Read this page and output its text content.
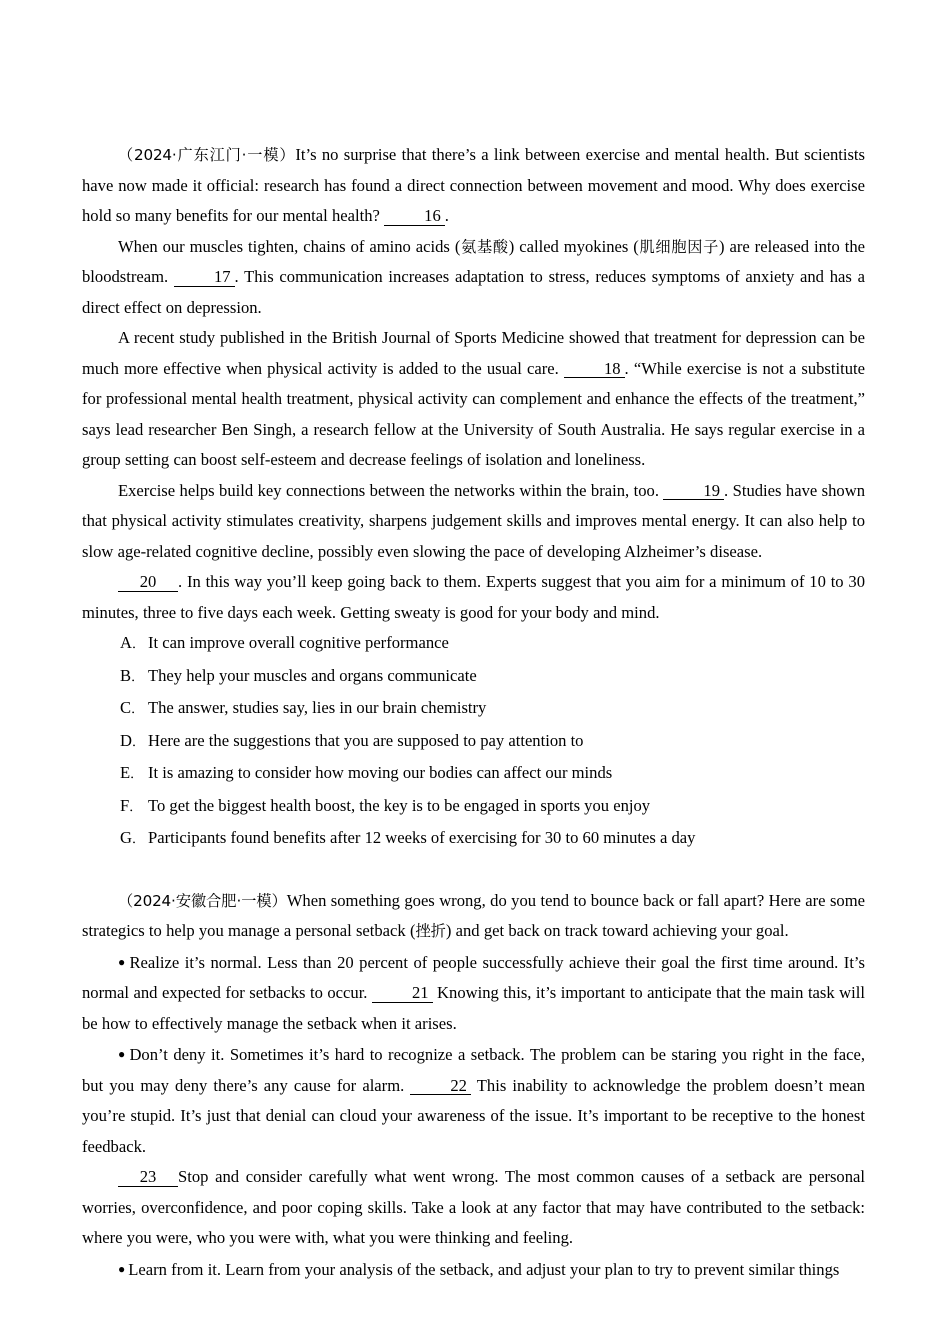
（2024·广东江门·一模）It’s no surprise that there’s a link between exercise and mental health. But scientists have now made it official: research has found a direct connection between movement and mood. Why does exercise hold so many benefits for our mental health? 16 .

When our muscles tighten, chains of amino acids (氨基酸) called myokines (肌细胞因子) are released into the bloodstream. 17 . This communication increases adaptation to stress, reduces symptoms of anxiety and has a direct effect on depression.

A recent study published in the British Journal of Sports Medicine showed that treatment for depression can be much more effective when physical activity is added to the usual care. 18 . “While exercise is not a substitute for professional mental health treatment, physical activity can complement and enhance the effects of the treatment,” says lead researcher Ben Singh, a research fellow at the University of South Australia. He says regular exercise in a group setting can boost self-esteem and decrease feelings of isolation and loneliness.

Exercise helps build key connections between the networks within the brain, too. 19 . Studies have shown that physical activity stimulates creativity, sharpens judgement skills and improves mental energy. It can also help to slow age-related cognitive decline, possibly even slowing the pace of developing Alzheimer’s disease.

20 . In this way you’ll keep going back to them. Experts suggest that you aim for a minimum of 10 to 30 minutes, three to five days each week. Getting sweaty is good for your body and mind.

A． It can improve overall cognitive performance
B． They help your muscles and organs communicate
C． The answer, studies say, lies in our brain chemistry
D． Here are the suggestions that you are supposed to pay attention to
E． It is amazing to consider how moving our bodies can affect our minds
F． To get the biggest health boost, the key is to be engaged in sports you enjoy
G． Participants found benefits after 12 weeks of exercising for 30 to 60 minutes a day

（2024·安徽合肥·一模）When something goes wrong, do you tend to bounce back or fall apart? Here are some strategics to help you manage a personal setback (挫折) and get back on track toward achieving your goal.

● Realize it’s normal. Less than 20 percent of people successfully achieve their goal the first time around. It’s normal and expected for setbacks to occur. 21 Knowing this, it’s important to anticipate that the main task will be how to effectively manage the setback when it arises.

● Don’t deny it. Sometimes it’s hard to recognize a setback. The problem can be staring you right in the face, but you may deny there’s any cause for alarm. 22 This inability to acknowledge the problem doesn’t mean you’re stupid. It’s just that denial can cloud your awareness of the issue. It’s important to be receptive to the honest feedback.

23 Stop and consider carefully what went wrong. The most common causes of a setback are personal worries, overconfidence, and poor coping skills. Take a look at any factor that may have contributed to the setback: where you were, who you were with, what you were thinking and feeling.

● Learn from it. Learn from your analysis of the setback, and adjust your plan to try to prevent similar things
